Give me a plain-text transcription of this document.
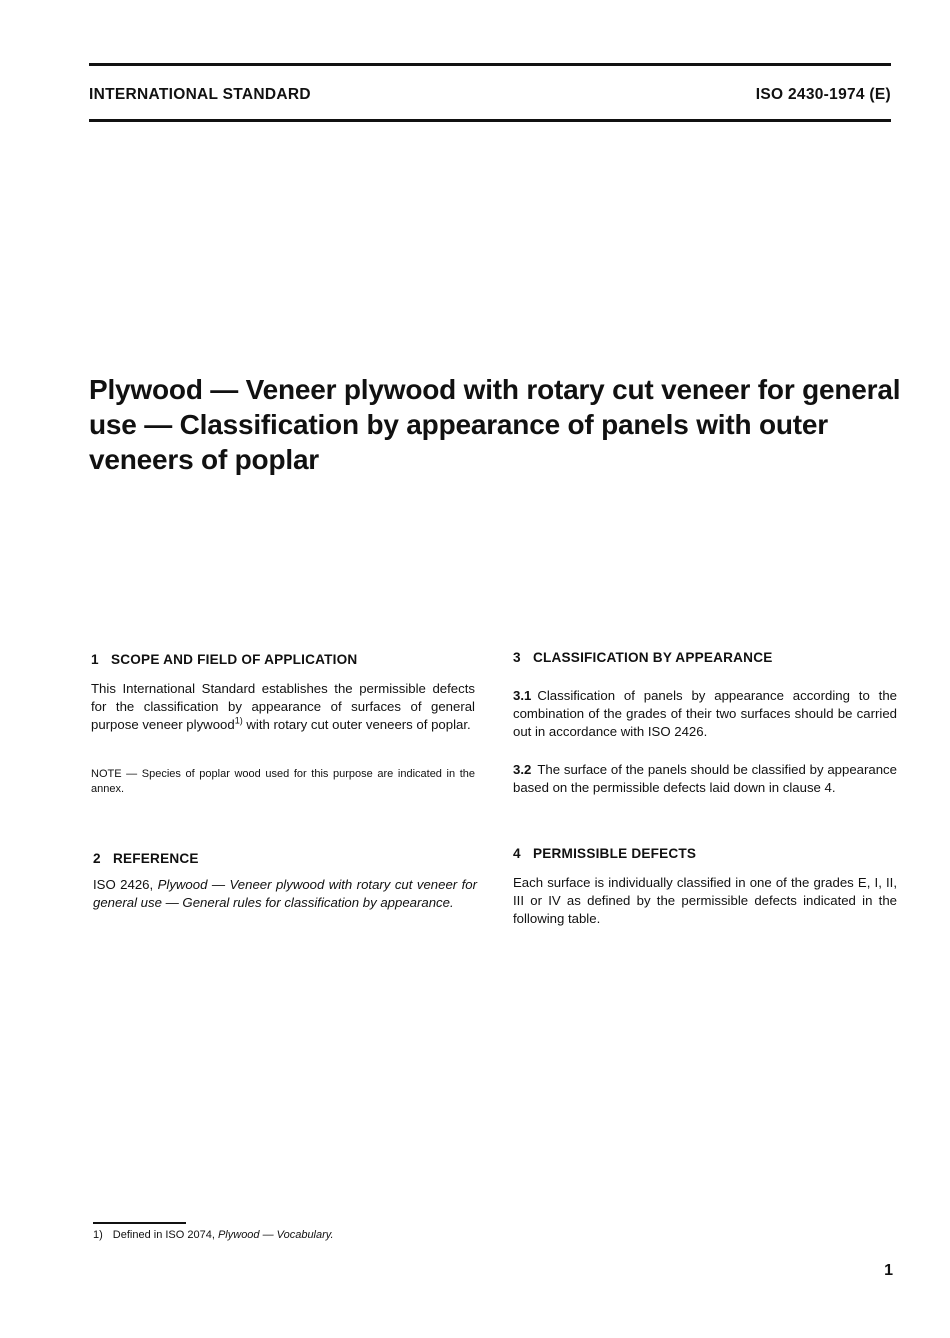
INTERNATIONAL STANDARD	ISO 2430-1974 (E)
Plywood — Veneer plywood with rotary cut veneer for general use — Classification by appearance of panels with outer veneers of poplar
1 SCOPE AND FIELD OF APPLICATION

This International Standard establishes the permissible defects for the classification by appearance of surfaces of general purpose veneer plywood$^{1)}$ with rotary cut outer veneers of poplar.

NOTE — Species of poplar wood used for this purpose are indicated in the annex.

2 REFERENCE

ISO 2426, Plywood — Veneer plywood with rotary cut veneer for general use — General rules for classification by appearance.

3 CLASSIFICATION BY APPEARANCE

3.1 Classification of panels by appearance according to the combination of the grades of their two surfaces should be carried out in accordance with ISO 2426.

3.2 The surface of the panels should be classified by appearance based on the permissible defects laid down in clause 4.

4 PERMISSIBLE DEFECTS

Each surface is individually classified in one of the grades E, I, II, III or IV as defined by the permissible defects indicated in the following table.

1) Defined in ISO 2074, Plywood — Vocabulary.
1
